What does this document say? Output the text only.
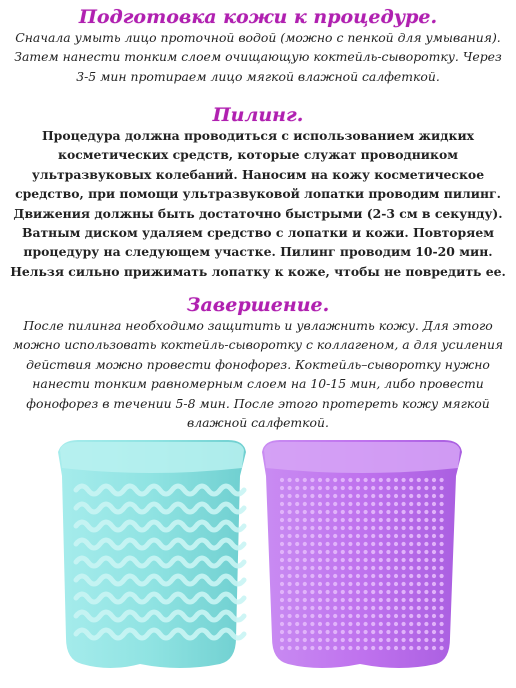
Подготовка кожи к процедуре.

Сначала умыть лицо проточной водой (можно с пенкой для умывания). Затем нанести тонким слоем очищающую коктейль-сыворотку. Через 3-5 мин протираем лицо мягкой влажной салфеткой.

Пилинг.

Процедура должна проводиться с использованием жидких косметических средств, которые служат проводником ультразвуковых колебаний. Наносим на кожу косметическое средство, при помощи ультразвуковой лопатки проводим пилинг. Движения должны быть достаточно быстрыми (2-3 см в секунду). Ватным диском удаляем средство с лопатки и кожи. Повторяем процедуру на следующем участке. Пилинг проводим 10-20 мин. Нельзя сильно прижимать лопатку к коже, чтобы не повредить ее.

Завершение.

После пилинга необходимо защитить и увлажнить кожу. Для этого можно использовать коктейль-сыворотку с коллагеном, а для усиления действия можно провести фонофорез. Коктейль–сыворотку нужно нанести тонким равномерным слоем на 10-15 мин, либо провести фонофорез в течении 5-8 мин. После этого протереть кожу мягкой влажной салфеткой.
